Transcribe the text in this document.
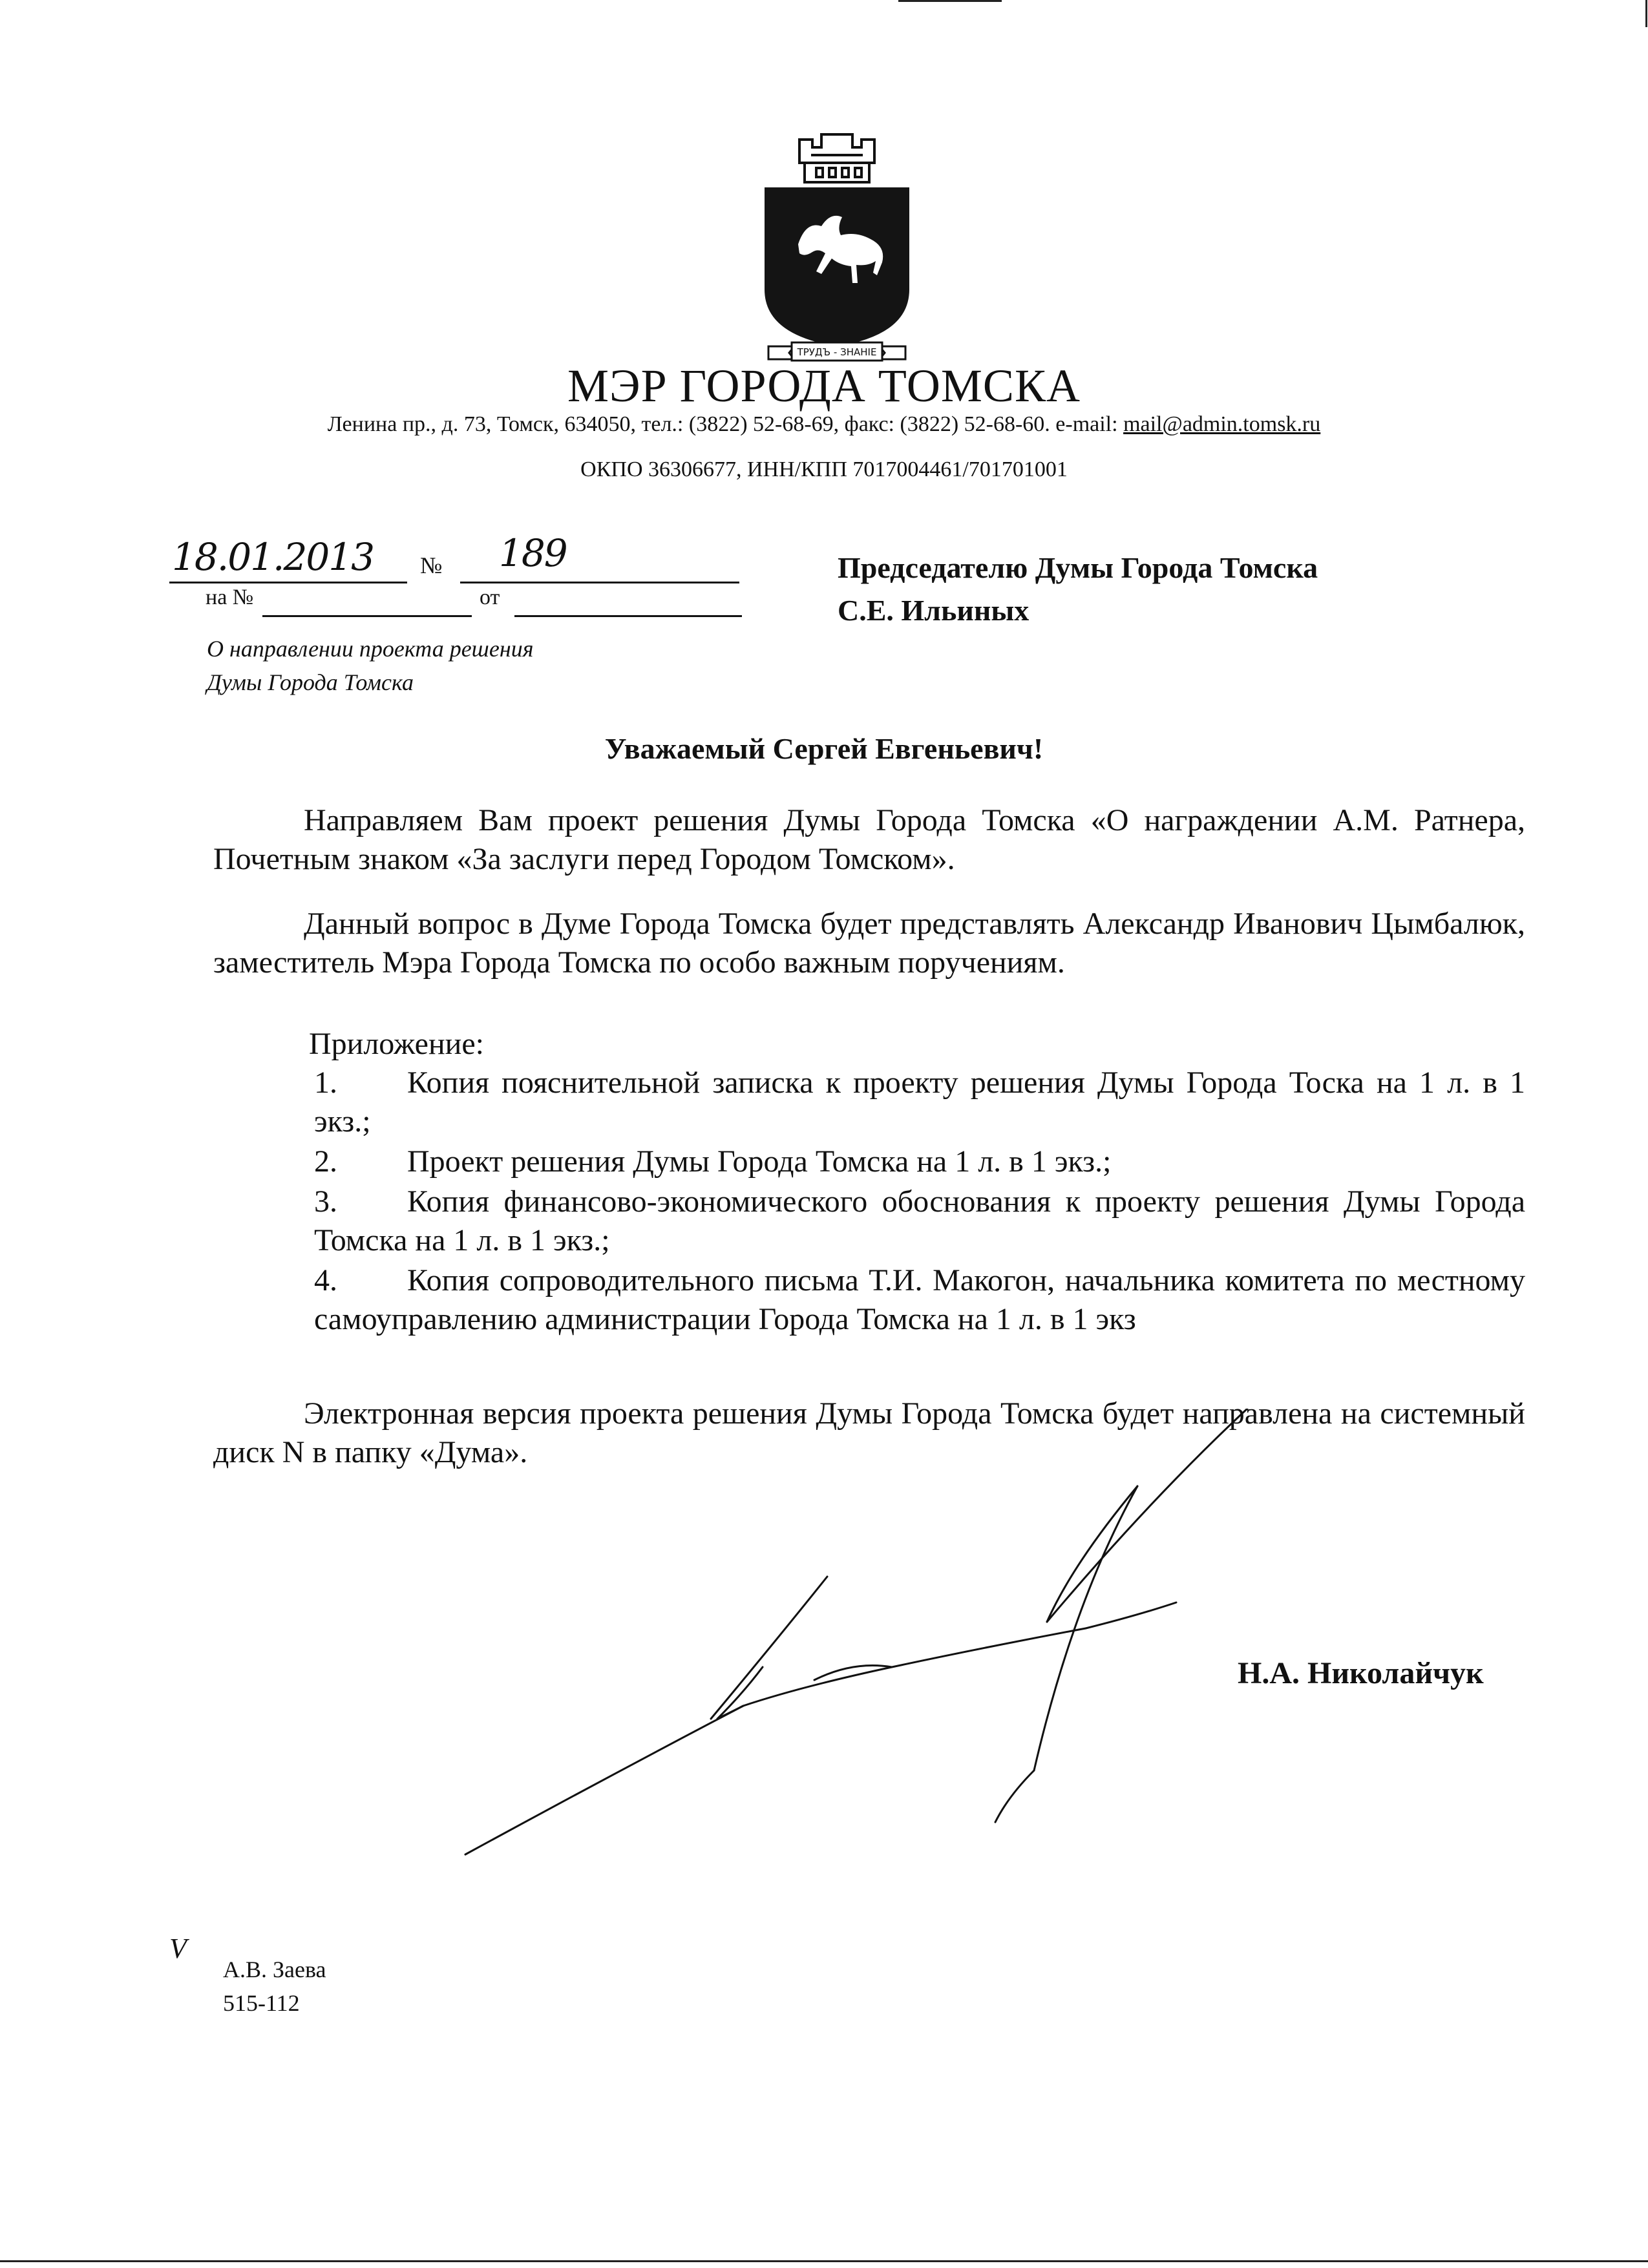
ТРУДЪ - ЗНАНIЕ
МЭР ГОРОДА ТОМСКА
Ленина пр., д. 73, Томск, 634050, тел.: (3822) 52-68-69, факс: (3822) 52-68-60. e-mail: mail@admin.tomsk.ru
ОКПО 36306677, ИНН/КПП 7017004461/701701001
18.01.2013 № 189
на №	от
О направлении проекта решения
Думы Города Томска
Председателю Думы Города Томска
С.Е. Ильиных
Уважаемый Сергей Евгеньевич!
Направляем Вам проект решения Думы Города Томска «О награждении А.М. Ратнера, Почетным знаком «За заслуги перед Городом Томском».
Данный вопрос в Думе Города Томска будет представлять Александр Иванович Цымбалюк, заместитель Мэра Города Томска по особо важным поручениям.
Приложение:
1.	Копия пояснительной записка к проекту решения Думы Города Тоска на 1 л. в 1 экз.;
2.	Проект решения Думы Города Томска на 1 л. в 1 экз.;
3.	Копия финансово-экономического обоснования к проекту решения Думы Города Томска на 1 л. в 1 экз.;
4.	Копия сопроводительного письма Т.И. Макогон, начальника комитета по местному самоуправлению администрации Города Томска на 1 л. в 1 экз
Электронная версия проекта решения Думы Города Томска будет направлена на системный диск N в папку «Дума».
Н.А. Николайчук
V
А.В. Заева
515-112
